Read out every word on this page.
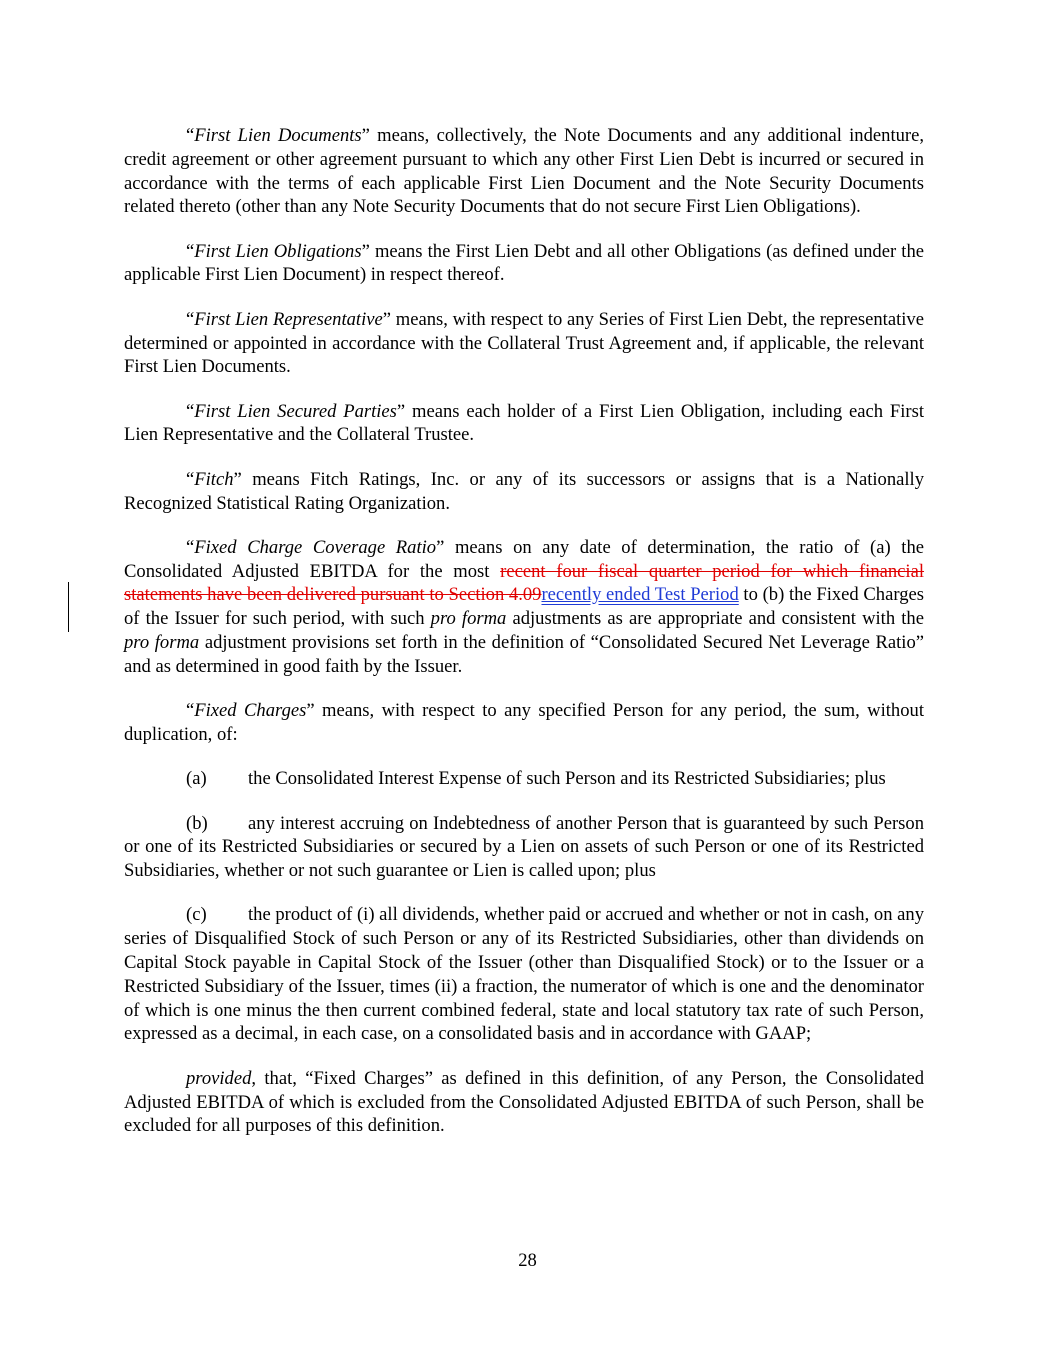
“First Lien Documents” means, collectively, the Note Documents and any additional indenture, credit agreement or other agreement pursuant to which any other First Lien Debt is incurred or secured in accordance with the terms of each applicable First Lien Document and the Note Security Documents related thereto (other than any Note Security Documents that do not secure First Lien Obligations).

“First Lien Obligations” means the First Lien Debt and all other Obligations (as defined under the applicable First Lien Document) in respect thereof.

“First Lien Representative” means, with respect to any Series of First Lien Debt, the representative determined or appointed in accordance with the Collateral Trust Agreement and, if applicable, the relevant First Lien Documents.

“First Lien Secured Parties” means each holder of a First Lien Obligation, including each First Lien Representative and the Collateral Trustee.

“Fitch” means Fitch Ratings, Inc. or any of its successors or assigns that is a Nationally Recognized Statistical Rating Organization.

“Fixed Charge Coverage Ratio” means on any date of determination, the ratio of (a) the Consolidated Adjusted EBITDA for the most recent four fiscal quarter period for which financial statements have been delivered pursuant to Section 4.09recently ended Test Period to (b) the Fixed Charges of the Issuer for such period, with such pro forma adjustments as are appropriate and consistent with the pro forma adjustment provisions set forth in the definition of “Consolidated Secured Net Leverage Ratio” and as determined in good faith by the Issuer.

“Fixed Charges” means, with respect to any specified Person for any period, the sum, without duplication, of:

(a) the Consolidated Interest Expense of such Person and its Restricted Subsidiaries; plus

(b) any interest accruing on Indebtedness of another Person that is guaranteed by such Person or one of its Restricted Subsidiaries or secured by a Lien on assets of such Person or one of its Restricted Subsidiaries, whether or not such guarantee or Lien is called upon; plus

(c) the product of (i) all dividends, whether paid or accrued and whether or not in cash, on any series of Disqualified Stock of such Person or any of its Restricted Subsidiaries, other than dividends on Capital Stock payable in Capital Stock of the Issuer (other than Disqualified Stock) or to the Issuer or a Restricted Subsidiary of the Issuer, times (ii) a fraction, the numerator of which is one and the denominator of which is one minus the then current combined federal, state and local statutory tax rate of such Person, expressed as a decimal, in each case, on a consolidated basis and in accordance with GAAP;

provided, that, “Fixed Charges” as defined in this definition, of any Person, the Consolidated Adjusted EBITDA of which is excluded from the Consolidated Adjusted EBITDA of such Person, shall be excluded for all purposes of this definition.

28
